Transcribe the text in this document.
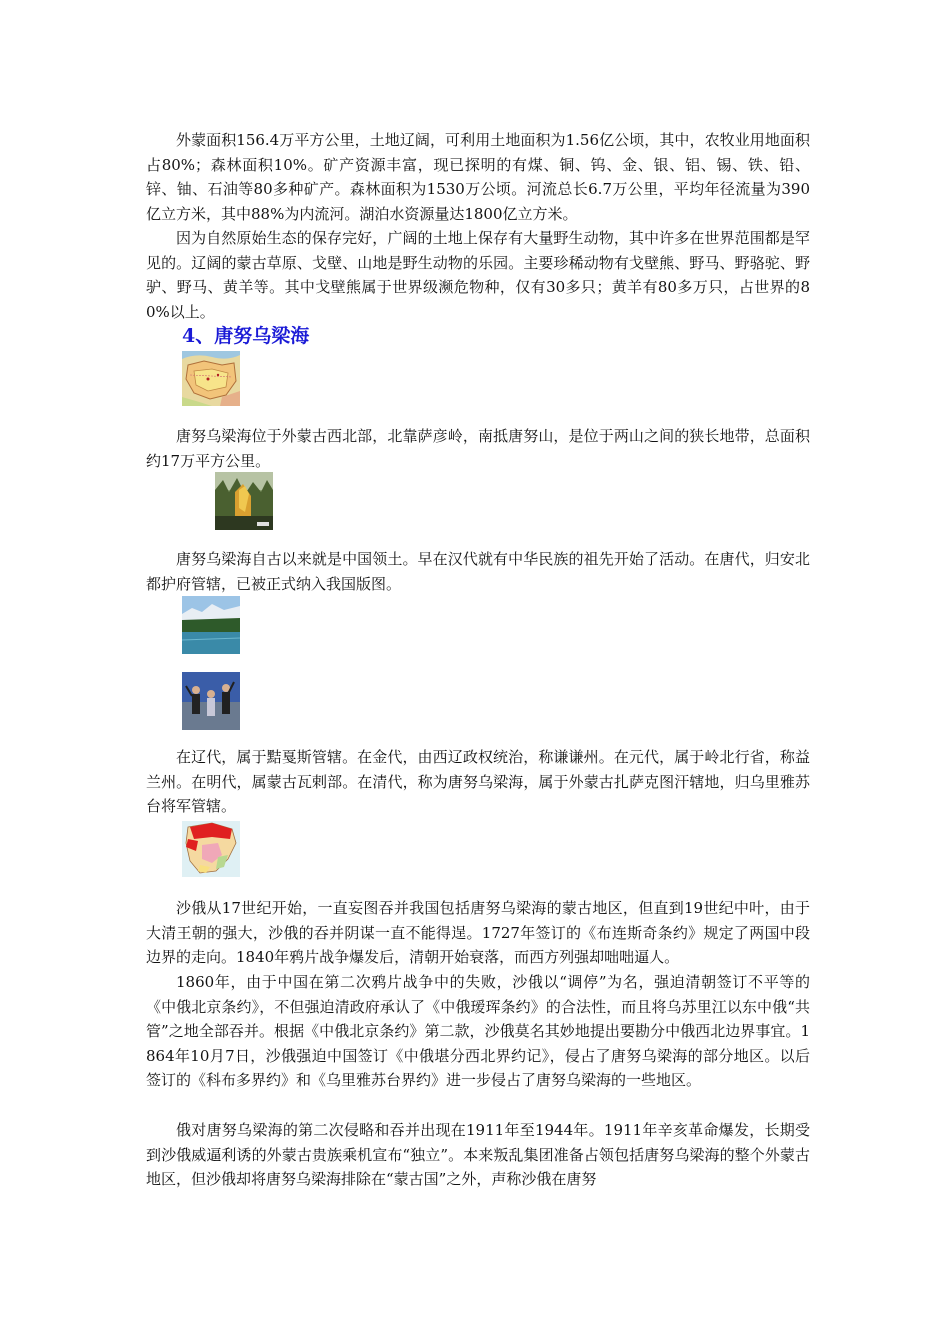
外蒙面积156.4万平方公里，土地辽阔，可利用土地面积为1.56亿公顷，其中，农牧业用地面积占80%；森林面积10%。矿产资源丰富，现已探明的有煤、铜、钨、金、银、铝、锡、铁、铅、锌、铀、石油等80多种矿产。森林面积为1530万公顷。河流总长6.7万公里，平均年径流量为390亿立方米，其中88%为内流河。湖泊水资源量达1800亿立方米。

因为自然原始生态的保存完好，广阔的土地上保存有大量野生动物，其中许多在世界范围都是罕见的。辽阔的蒙古草原、戈壁、山地是野生动物的乐园。主要珍稀动物有戈壁熊、野马、野骆驼、野驴、野马、黄羊等。其中戈壁熊属于世界级濒危物种，仅有30多只；黄羊有80多万只，占世界的80%以上。

4、唐努乌梁海

唐努乌梁海位于外蒙古西北部，北靠萨彦岭，南抵唐努山，是位于两山之间的狭长地带，总面积约17万平方公里。

唐努乌梁海自古以来就是中国领土。早在汉代就有中华民族的祖先开始了活动。在唐代，归安北都护府管辖，已被正式纳入我国版图。

在辽代，属于黠戛斯管辖。在金代，由西辽政权统治，称谦谦州。在元代，属于岭北行省，称益兰州。在明代，属蒙古瓦剌部。在清代，称为唐努乌梁海，属于外蒙古扎萨克图汗辖地，归乌里雅苏台将军管辖。

沙俄从17世纪开始，一直妄图吞并我国包括唐努乌梁海的蒙古地区，但直到19世纪中叶，由于大清王朝的强大，沙俄的吞并阴谋一直不能得逞。1727年签订的《布连斯奇条约》规定了两国中段边界的走向。1840年鸦片战争爆发后，清朝开始衰落，而西方列强却咄咄逼人。

1860年，由于中国在第二次鸦片战争中的失败，沙俄以“调停”为名，强迫清朝签订不平等的《中俄北京条约》，不但强迫清政府承认了《中俄瑷珲条约》的合法性，而且将乌苏里江以东中俄“共管”之地全部吞并。根据《中俄北京条约》第二款，沙俄莫名其妙地提出要勘分中俄西北边界事宜。1864年10月7日，沙俄强迫中国签订《中俄堪分西北界约记》，侵占了唐努乌梁海的部分地区。以后签订的《科布多界约》和《乌里雅苏台界约》进一步侵占了唐努乌梁海的一些地区。

俄对唐努乌梁海的第二次侵略和吞并出现在1911年至1944年。1911年辛亥革命爆发，长期受到沙俄威逼利诱的外蒙古贵族乘机宣布“独立”。本来叛乱集团准备占领包括唐努乌梁海的整个外蒙古地区，但沙俄却将唐努乌梁海排除在“蒙古国”之外，声称沙俄在唐努
